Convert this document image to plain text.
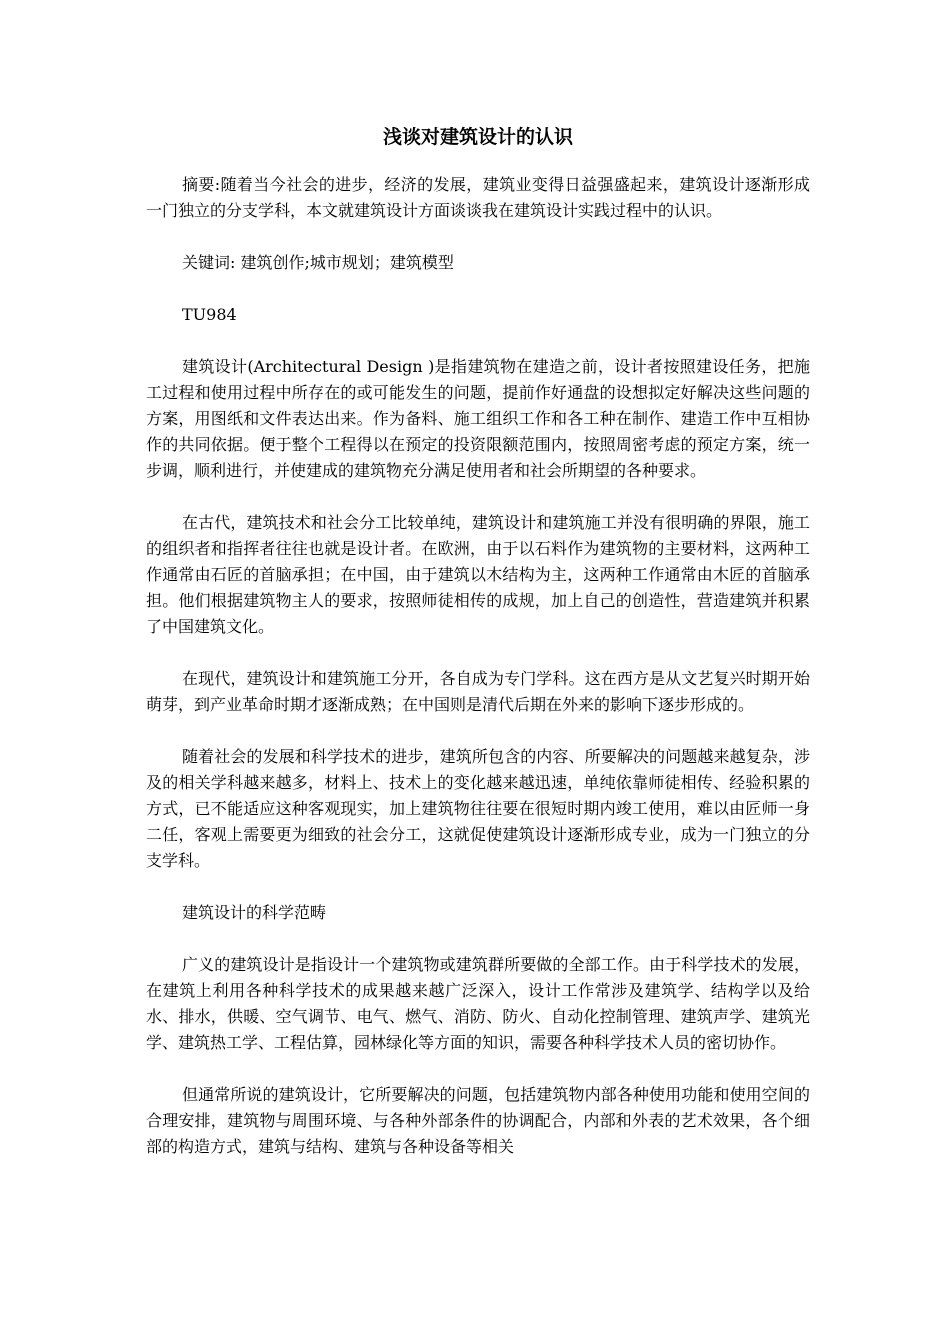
浅谈对建筑设计的认识

摘要:随着当今社会的进步，经济的发展，建筑业变得日益强盛起来，建筑设计逐渐形成一门独立的分支学科，本文就建筑设计方面谈谈我在建筑设计实践过程中的认识。

关键词: 建筑创作;城市规划；建筑模型

TU984

建筑设计(Architectural Design )是指建筑物在建造之前，设计者按照建设任务，把施工过程和使用过程中所存在的或可能发生的问题，提前作好通盘的设想拟定好解决这些问题的方案，用图纸和文件表达出来。作为备料、施工组织工作和各工种在制作、建造工作中互相协作的共同依据。便于整个工程得以在预定的投资限额范围内，按照周密考虑的预定方案，统一步调，顺利进行，并使建成的建筑物充分满足使用者和社会所期望的各种要求。

在古代，建筑技术和社会分工比较单纯，建筑设计和建筑施工并没有很明确的界限，施工的组织者和指挥者往往也就是设计者。在欧洲，由于以石料作为建筑物的主要材料，这两种工作通常由石匠的首脑承担；在中国，由于建筑以木结构为主，这两种工作通常由木匠的首脑承担。他们根据建筑物主人的要求，按照师徒相传的成规，加上自己的创造性，营造建筑并积累了中国建筑文化。

在现代，建筑设计和建筑施工分开，各自成为专门学科。这在西方是从文艺复兴时期开始萌芽，到产业革命时期才逐渐成熟；在中国则是清代后期在外来的影响下逐步形成的。

随着社会的发展和科学技术的进步，建筑所包含的内容、所要解决的问题越来越复杂，涉及的相关学科越来越多，材料上、技术上的变化越来越迅速，单纯依靠师徒相传、经验积累的方式，已不能适应这种客观现实，加上建筑物往往要在很短时期内竣工使用，难以由匠师一身二任，客观上需要更为细致的社会分工，这就促使建筑设计逐渐形成专业，成为一门独立的分支学科。

建筑设计的科学范畴

广义的建筑设计是指设计一个建筑物或建筑群所要做的全部工作。由于科学技术的发展，在建筑上利用各种科学技术的成果越来越广泛深入，设计工作常涉及建筑学、结构学以及给水、排水，供暖、空气调节、电气、燃气、消防、防火、自动化控制管理、建筑声学、建筑光学、建筑热工学、工程估算，园林绿化等方面的知识，需要各种科学技术人员的密切协作。

但通常所说的建筑设计，它所要解决的问题，包括建筑物内部各种使用功能和使用空间的合理安排，建筑物与周围环境、与各种外部条件的协调配合，内部和外表的艺术效果，各个细部的构造方式，建筑与结构、建筑与各种设备等相关
